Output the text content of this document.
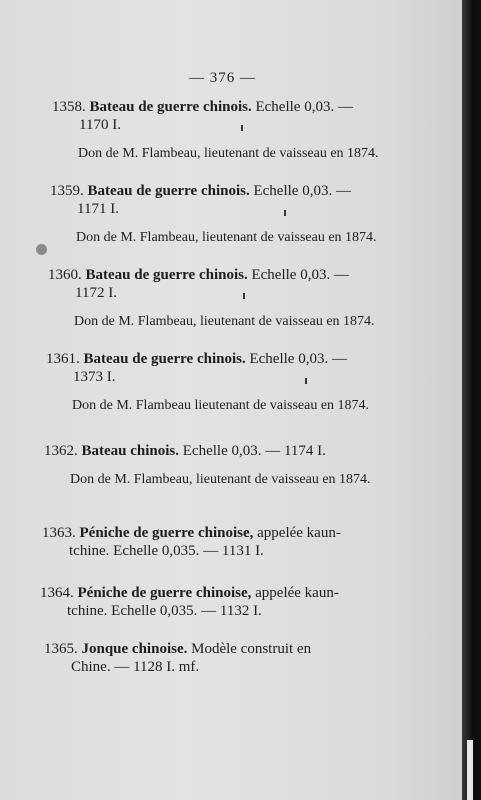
— 376 —
1358. Bateau de guerre chinois. Echelle 0,03. —
1170 I.
Don de M. Flambeau, lieutenant de vaisseau en 1874.
1359. Bateau de guerre chinois. Echelle 0,03. —
1171 I.
Don de M. Flambeau, lieutenant de vaisseau en 1874.
1360. Bateau de guerre chinois. Echelle 0,03. —
1172 I.
Don de M. Flambeau, lieutenant de vaisseau en 1874.
1361. Bateau de guerre chinois. Echelle 0,03. —
1373 I.
Don de M. Flambeau lieutenant de vaisseau en 1874.
1362. Bateau chinois. Echelle 0,03. — 1174 I.
Don de M. Flambeau, lieutenant de vaisseau en 1874.
1363. Péniche de guerre chinoise, appelée kaun-
tchine. Echelle 0,035. — 1131 I.
1364. Péniche de guerre chinoise, appelée kaun-
tchine. Echelle 0,035. — 1132 I.
1365. Jonque chinoise. Modèle construit en
Chine. — 1128 I. mf.
